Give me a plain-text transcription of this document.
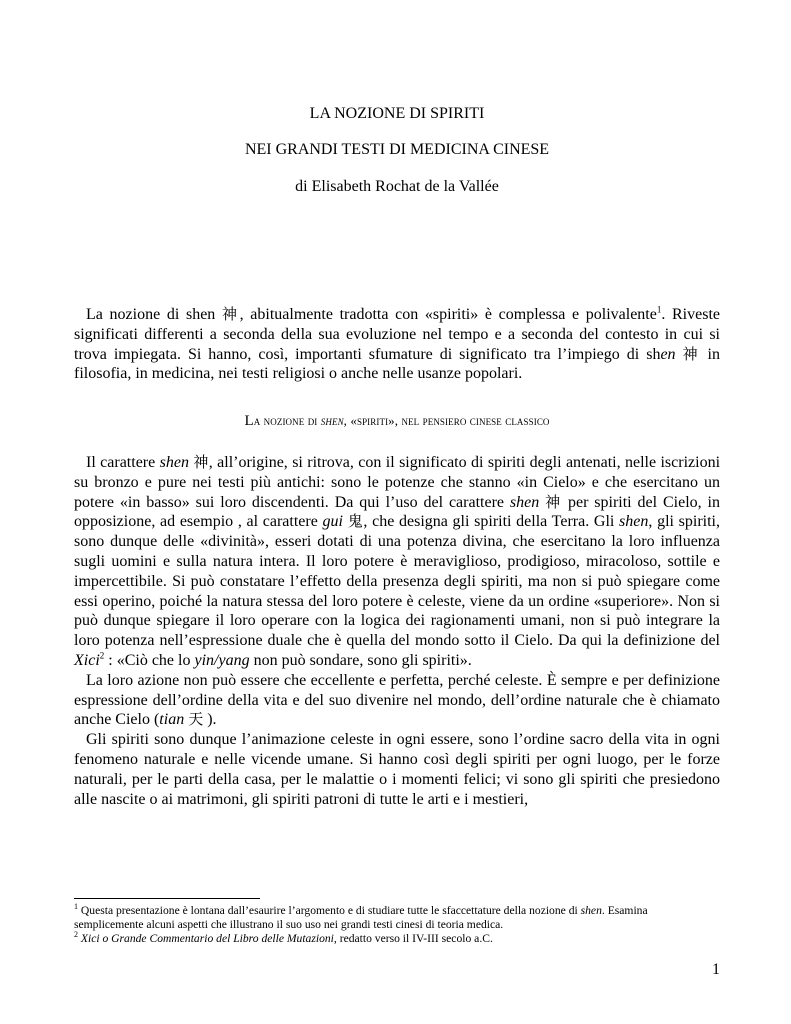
LA NOZIONE DI SPIRITI
NEI GRANDI TESTI DI MEDICINA CINESE
di Elisabeth Rochat de la Vallée

La nozione di shen 神, abitualmente tradotta con «spiriti» è complessa e polivalente$^1$. Riveste significati differenti a seconda della sua evoluzione nel tempo e a seconda del contesto in cui si trova impiegata. Si hanno, così, importanti sfumature di significato tra l’impiego di shen 神 in filosofia, in medicina, nei testi religiosi o anche nelle usanze popolari.

La nozione di shen, «spiriti», nel pensiero cinese classico

Il carattere shen 神, all’origine, si ritrova, con il significato di spiriti degli antenati, nelle iscrizioni su bronzo e pure nei testi più antichi: sono le potenze che stanno «in Cielo» e che esercitano un potere «in basso» sui loro discendenti. Da qui l’uso del carattere shen 神 per spiriti del Cielo, in opposizione, ad esempio , al carattere gui 鬼, che designa gli spiriti della Terra. Gli shen, gli spiriti, sono dunque delle «divinità», esseri dotati di una potenza divina, che esercitano la loro influenza sugli uomini e sulla natura intera. Il loro potere è meraviglioso, prodigioso, miracoloso, sottile e impercettibile. Si può constatare l’effetto della presenza degli spiriti, ma non si può spiegare come essi operino, poiché la natura stessa del loro potere è celeste, viene da un ordine «superiore». Non si può dunque spiegare il loro operare con la logica dei ragionamenti umani, non si può integrare la loro potenza nell’espressione duale che è quella del mondo sotto il Cielo. Da qui la definizione del Xici$^2$ : «Ciò che lo yin/yang non può sondare, sono gli spiriti».

La loro azione non può essere che eccellente e perfetta, perché celeste. È sempre e per definizione espressione dell’ordine della vita e del suo divenire nel mondo, dell’ordine naturale che è chiamato anche Cielo (tian 天 ).

Gli spiriti sono dunque l’animazione celeste in ogni essere, sono l’ordine sacro della vita in ogni fenomeno naturale e nelle vicende umane. Si hanno così degli spiriti per ogni luogo, per le forze naturali, per le parti della casa, per le malattie o i momenti felici; vi sono gli spiriti che presiedono alle nascite o ai matrimoni, gli spiriti patroni di tutte le arti e i mestieri,

$^1$ Questa presentazione è lontana dall’esaurire l’argomento e di studiare tutte le sfaccettature della nozione di shen. Esamina semplicemente alcuni aspetti che illustrano il suo uso nei grandi testi cinesi di teoria medica.

$^2$ Xici o Grande Commentario del Libro delle Mutazioni, redatto verso il IV-III secolo a.C.

1
